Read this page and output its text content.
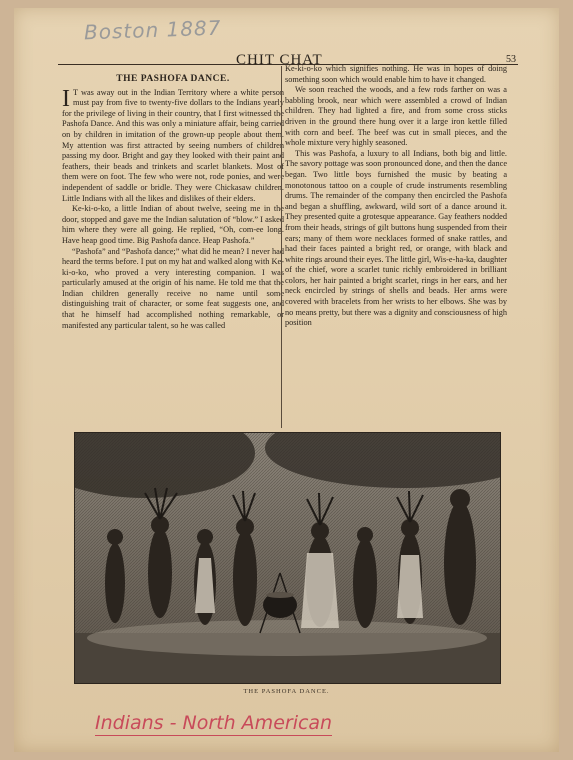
Boston 1887
CHIT CHAT	53
THE PASHOFA DANCE.

I T was away out in the Indian Territory where a white person must pay from five to twenty-five dollars to the Indians yearly for the privilege of living in their country, that I first witnessed the Pashofa Dance. And this was only a miniature affair, being carried on by children in imitation of the grown-up people about them. My attention was first attracted by seeing numbers of children passing my door. Bright and gay they looked with their paint and feathers, their beads and trinkets and scarlet blankets. Most of them were on foot. The few who were not, rode ponies, and were independent of saddle or bridle. They were Chickasaw children. Little Indians with all the likes and dislikes of their elders.

Ke-ki-o-ko, a little Indian of about twelve, seeing me in the door, stopped and gave me the Indian salutation of “blow.” I asked him where they were all going. He replied, “Oh, com-ee long. Have heap good time. Big Pashofa dance. Heap Pashofa.”

“Pashofa” and “Pashofa dance;” what did he mean? I never had heard the terms before. I put on my hat and walked along with Ke-ki-o-ko, who proved a very interesting companion. I was particularly amused at the origin of his name. He told me that the Indian children generally receive no name until some distinguishing trait of character, or some feat suggests one, and that he himself had accomplished nothing remarkable, or manifested any particular talent, so he was called

Ke-ki-o-ko which signifies nothing. He was in hopes of doing something soon which would enable him to have it changed.

We soon reached the woods, and a few rods farther on was a babbling brook, near which were assembled a crowd of Indian children. They had lighted a fire, and from some cross sticks driven in the ground there hung over it a large iron kettle filled with corn and beef. The beef was cut in small pieces, and the whole mixture very highly seasoned.

This was Pashofa, a luxury to all Indians, both big and little. The savory pottage was soon pronounced done, and then the dance began. Two little boys furnished the music by beating a monotonous tattoo on a couple of crude instruments resembling drums. The remainder of the company then encircled the Pashofa and began a shuffling, awkward, wild sort of a dance around it. They presented quite a grotesque appearance. Gay feathers nodded from their heads, strings of gilt buttons hung suspended from their ears; many of them wore necklaces formed of snake rattles, and had their faces painted a bright red, or orange, with black and white rings around their eyes. The little girl, Wis-e-ha-ka, daughter of the chief, wore a scarlet tunic richly embroidered in brilliant colors, her hair painted a bright scarlet, rings in her ears, and her neck encircled by strings of shells and beads. Her arms were covered with bracelets from her wrists to her elbows. She was by no means pretty, but there was a dignity and consciousness of high position

THE PASHOFA DANCE.
Indians - North American
